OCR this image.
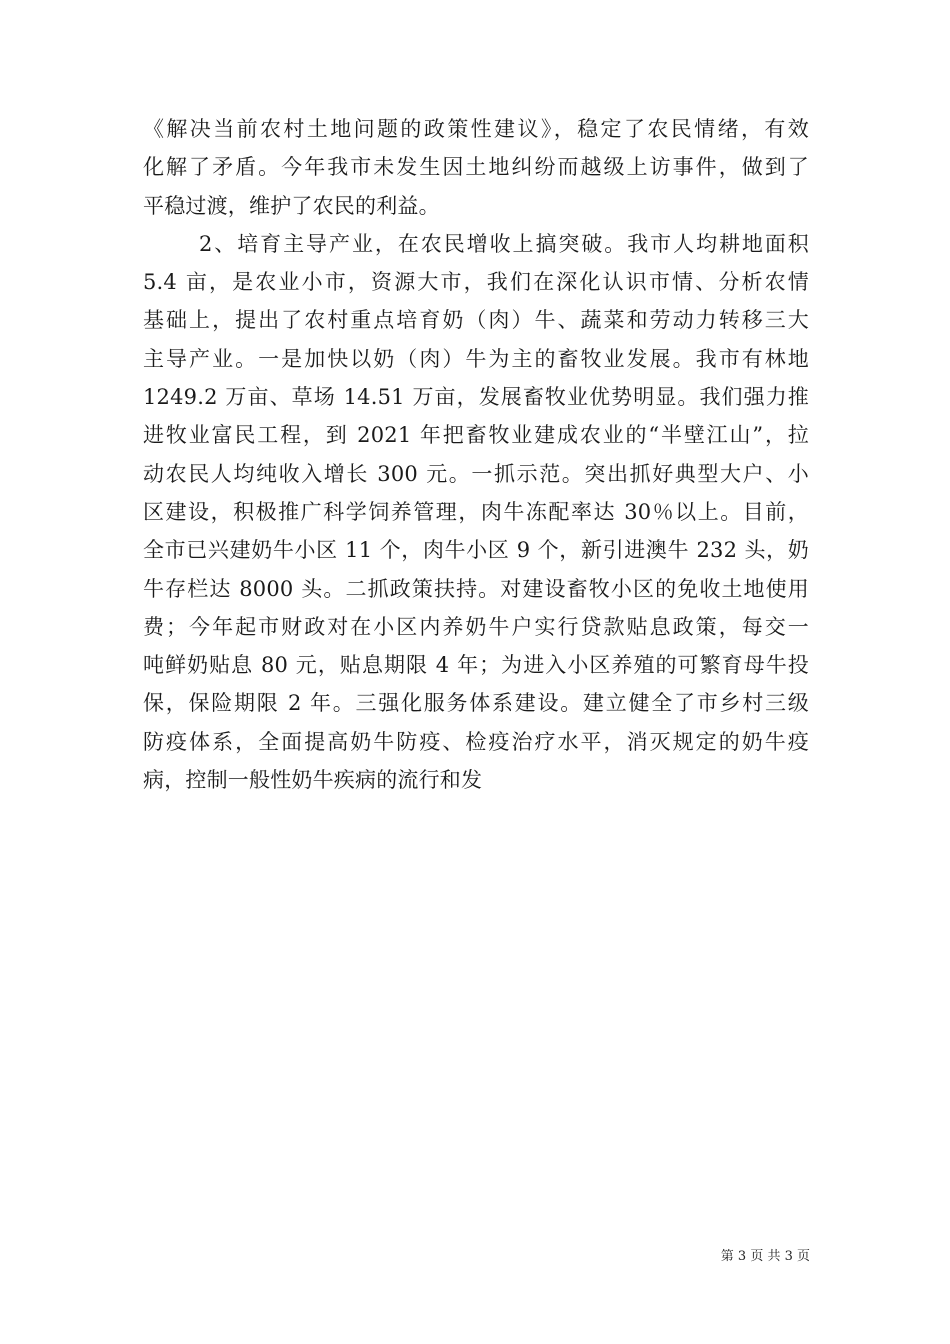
《解决当前农村土地问题的政策性建议》，稳定了农民情绪，有效
化解了矛盾。今年我市未发生因土地纠纷而越级上访事件，做到了
平稳过渡，维护了农民的利益。
2、培育主导产业，在农民增收上搞突破。我市人均耕地面积
5.4 亩，是农业小市，资源大市，我们在深化认识市情、分析农情
基础上，提出了农村重点培育奶（肉）牛、蔬菜和劳动力转移三大
主导产业。一是加快以奶（肉）牛为主的畜牧业发展。我市有林地
1249.2 万亩、草场 14.51 万亩，发展畜牧业优势明显。我们强力推
进牧业富民工程，到 2021 年把畜牧业建成农业的“半壁江山”，拉
动农民人均纯收入增长 300 元。一抓示范。突出抓好典型大户、小
区建设，积极推广科学饲养管理，肉牛冻配率达 30％以上。目前，
全市已兴建奶牛小区 11 个，肉牛小区 9 个，新引进澳牛 232 头，奶
牛存栏达 8000 头。二抓政策扶持。对建设畜牧小区的免收土地使用
费；今年起市财政对在小区内养奶牛户实行贷款贴息政策，每交一
吨鲜奶贴息 80 元，贴息期限 4 年；为进入小区养殖的可繁育母牛投
保，保险期限 2 年。三强化服务体系建设。建立健全了市乡村三级
防疫体系，全面提高奶牛防疫、检疫治疗水平，消灭规定的奶牛疫
病，控制一般性奶牛疾病的流行和发
第 3 页 共 3 页
